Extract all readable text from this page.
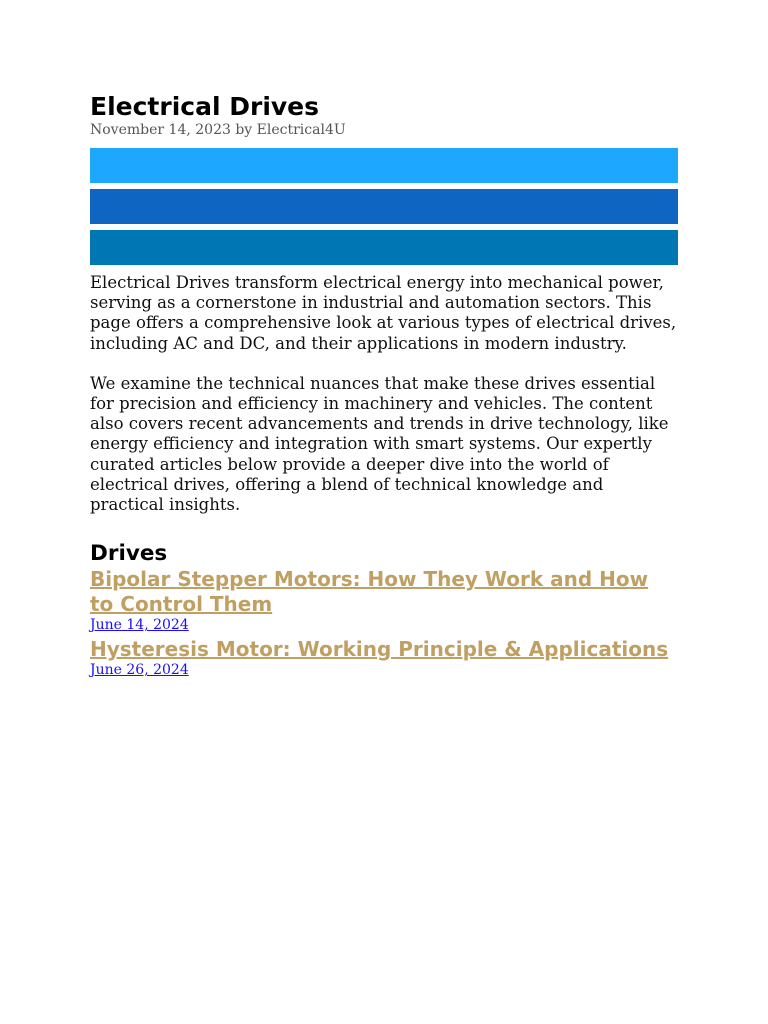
Electrical Drives

November 14, 2023 by Electrical4U

Electrical Drives transform electrical energy into mechanical power, serving as a cornerstone in industrial and automation sectors. This page offers a comprehensive look at various types of electrical drives, including AC and DC, and their applications in modern industry.

We examine the technical nuances that make these drives essential for precision and efficiency in machinery and vehicles. The content also covers recent advancements and trends in drive technology, like energy efficiency and integration with smart systems. Our expertly curated articles below provide a deeper dive into the world of electrical drives, offering a blend of technical knowledge and practical insights.

Drives
Bipolar Stepper Motors: How They Work and How to Control Them
June 14, 2024
Hysteresis Motor: Working Principle & Applications
June 26, 2024
